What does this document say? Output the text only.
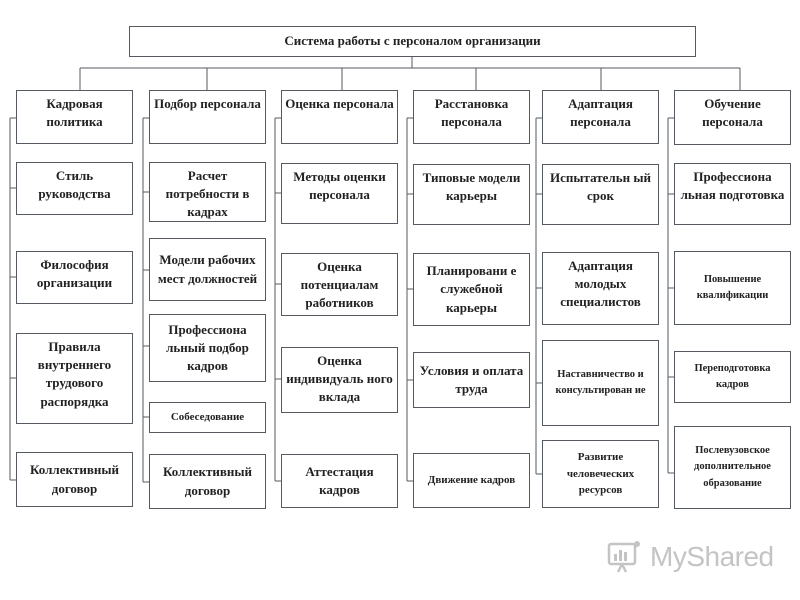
Система работы с персоналом организации
Кадровая политика
Стиль руководства
Философия организации
Правила внутреннего трудового распорядка
Коллективный договор
Подбор персонала
Расчет потребности в кадрах
Модели рабочих мест должностей
Профессиона льный подбор кадров
Собеседование
Коллективный договор
Оценка персонала
Методы оценки персонала
Оценка потенциалам работников
Оценка индивидуаль ного вклада
Аттестация кадров
Расстановка персонала
Типовые модели карьеры
Планировани е служебной карьеры
Условия и оплата труда
Движение кадров
Адаптация персонала
Испытательн ый срок
Адаптация молодых специалистов
Наставничество и консультирован ие
Развитие человеческих ресурсов
Обучение персонала
Профессиона льная подготовка
Повышение квалификации
Переподготовка кадров
Послевузовское дополнительное образование
MyShared
